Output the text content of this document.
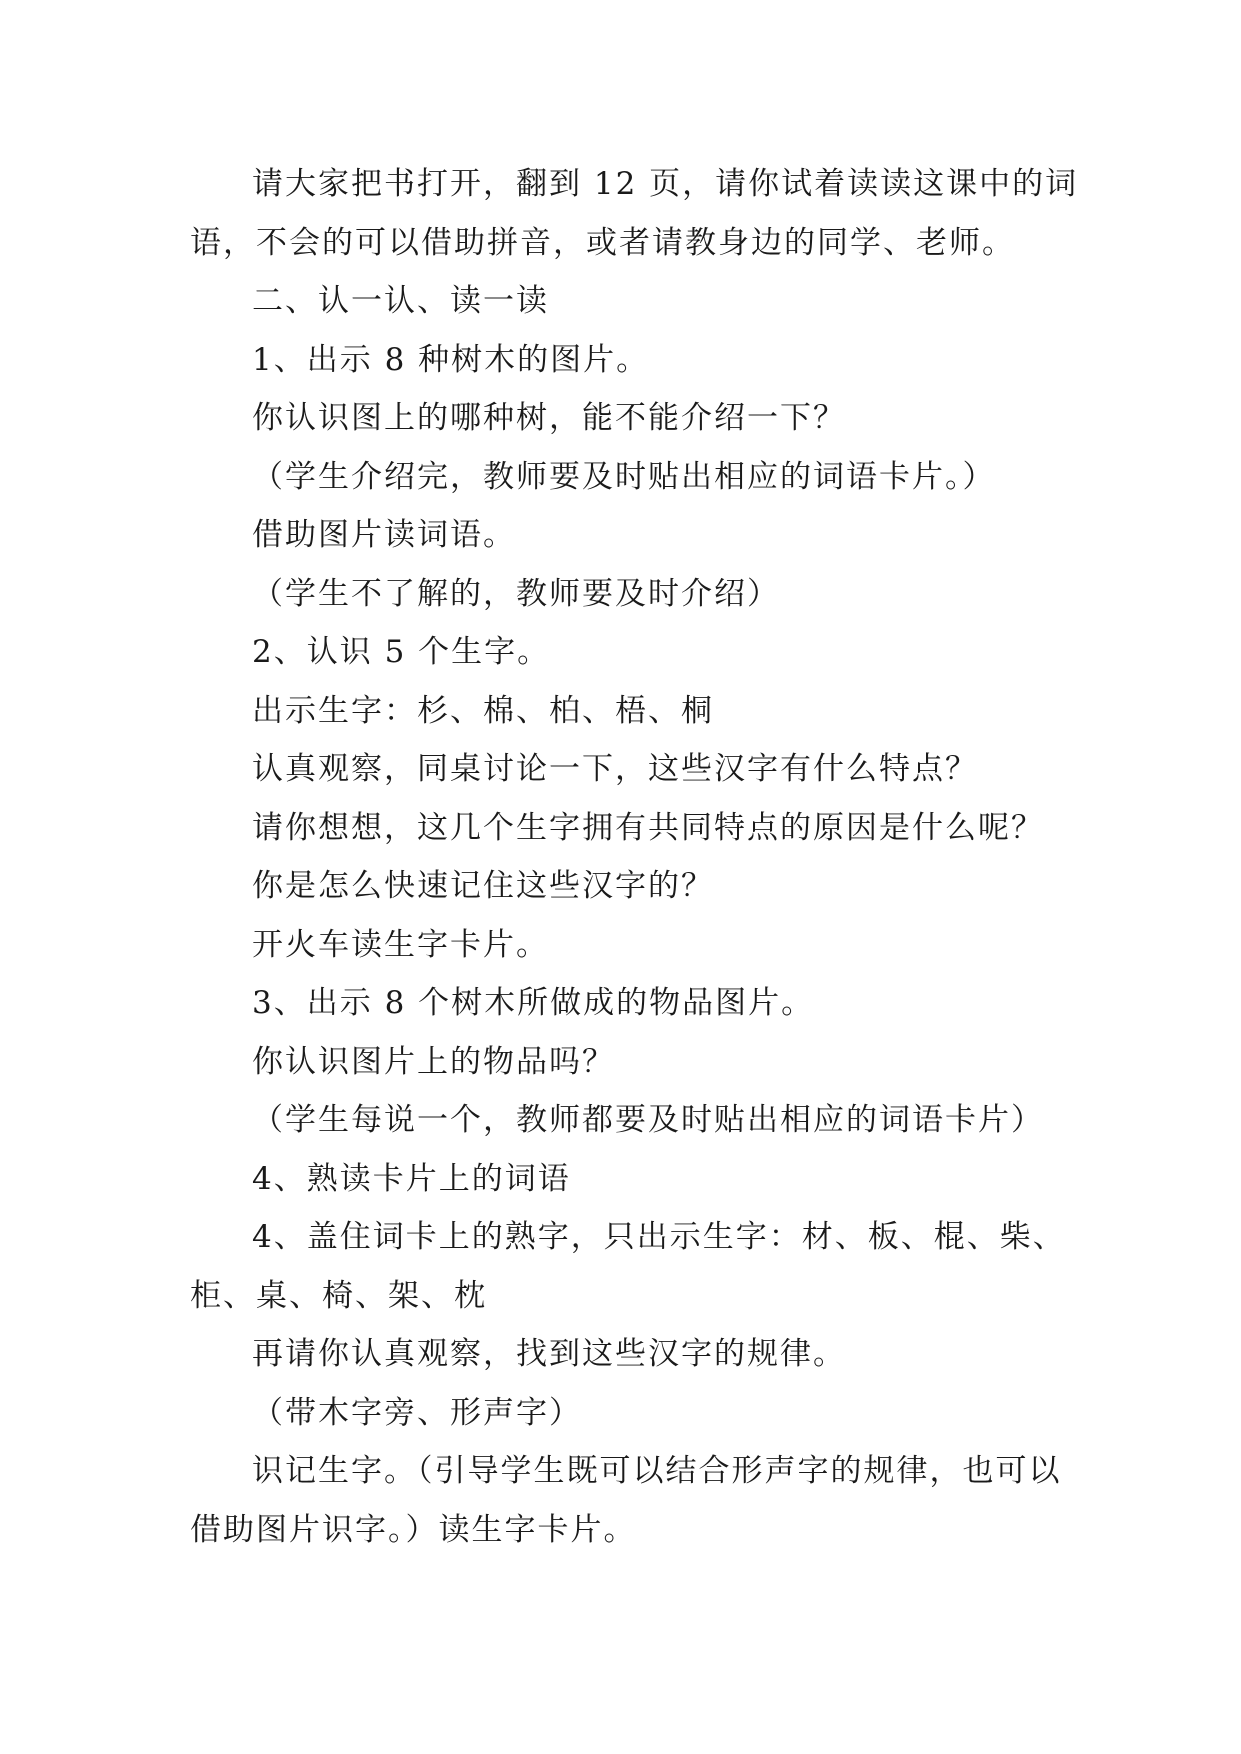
请大家把书打开，翻到 12 页，请你试着读读这课中的词语，不会的可以借助拼音，或者请教身边的同学、老师。

二、认一认、读一读

1、出示 8 种树木的图片。

你认识图上的哪种树，能不能介绍一下？

（学生介绍完，教师要及时贴出相应的词语卡片。）

借助图片读词语。

（学生不了解的，教师要及时介绍）

2、认识 5 个生字。

出示生字：杉、棉、柏、梧、桐

认真观察，同桌讨论一下，这些汉字有什么特点？

请你想想，这几个生字拥有共同特点的原因是什么呢？

你是怎么快速记住这些汉字的？

开火车读生字卡片。

3、出示 8 个树木所做成的物品图片。

你认识图片上的物品吗？

（学生每说一个，教师都要及时贴出相应的词语卡片）

4、熟读卡片上的词语

4、盖住词卡上的熟字，只出示生字：材、板、棍、柴、柜、桌、椅、架、枕

再请你认真观察，找到这些汉字的规律。

（带木字旁、形声字）

识记生字。（引导学生既可以结合形声字的规律，也可以借助图片识字。）读生字卡片。
